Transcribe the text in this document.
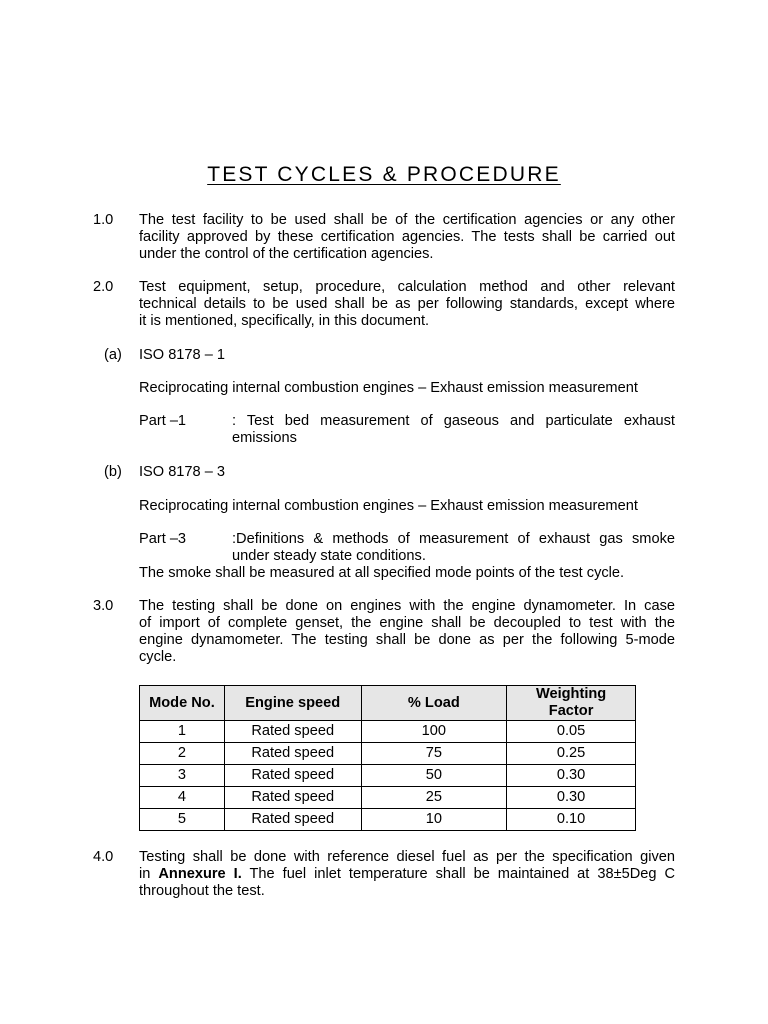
TEST CYCLES & PROCEDURE
1.0 The test facility to be used shall be of the certification agencies or any other
facility approved by these certification agencies. The tests shall be carried out
under the control of the certification agencies.
2.0 Test equipment, setup, procedure, calculation method and other relevant
technical details to be used shall be as per following standards, except where
it is mentioned, specifically, in this document.
(a) ISO 8178 – 1
Reciprocating internal combustion engines – Exhaust emission measurement
Part –1	: Test bed measurement of gaseous and particulate exhaust
emissions
(b) ISO 8178 – 3
Reciprocating internal combustion engines – Exhaust emission measurement
Part –3	:Definitions & methods of measurement of exhaust gas smoke
under steady state conditions.
The smoke shall be measured at all specified mode points of the test cycle.
3.0 The testing shall be done on engines with the engine dynamometer. In case
of import of complete genset, the engine shall be decoupled to test with the
engine dynamometer. The testing shall be done as per the following 5-mode
cycle.
Mode No.	Engine speed	% Load	Weighting
Factor

1	Rated speed	100	0.05
2	Rated speed	75	0.25
3	Rated speed	50	0.30
4	Rated speed	25	0.30
5	Rated speed	10	0.10
4.0 Testing shall be done with reference diesel fuel as per the specification given
in Annexure I. The fuel inlet temperature shall be maintained at 38±5Deg C
throughout the test.
